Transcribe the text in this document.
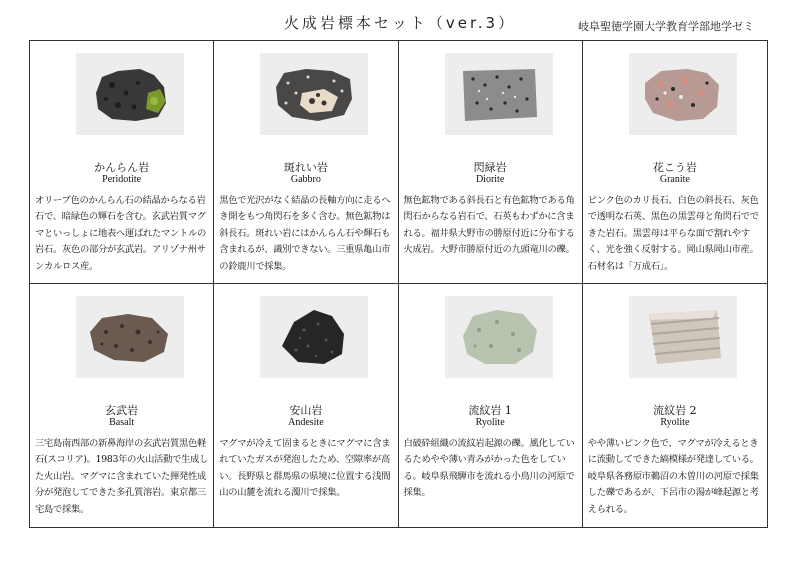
火成岩標本セット（ver.3）	岐阜聖徳学園大学教育学部地学ゼミ
かんらん岩
Peridotite
オリーブ色のかんらん石の結晶からなる岩石で、暗緑色の輝石を含む。玄武岩質マグマといっしょに地表へ運ばれたマントルの岩石。灰色の部分が玄武岩。アリゾナ州サンカルロス産。
斑れい岩
Gabbro
黒色で光沢がなく結晶の長軸方向に走るへき開をもつ角閃石を多く含む。無色鉱物は斜長石。斑れい岩にはかんらん石や輝石も含まれるが、識別できない。三重県亀山市の鈴鹿川で採集。
閃緑岩
Diorite
無色鉱物である斜長石と有色鉱物である角閃石からなる岩石で、石英もわずかに含まれる。福井県大野市の勝原付近に分布する火成岩。大野市勝原付近の九頭竜川の礫。
花こう岩
Granite
ピンク色のカリ長石、白色の斜長石、灰色で透明な石英、黒色の黒雲母と角閃石でできた岩石。黒雲母は平らな面で割れやすく、光を強く反射する。岡山県岡山市産。石材名は「万成石」。
玄武岩
Basalt
三宅島南西部の新鼻海岸の玄武岩質黒色軽石(スコリア)。1983年の火山活動で生成した火山岩。マグマに含まれていた揮発性成分が発泡してできた多孔質溶岩。東京都三宅島で採集。
安山岩
Andesite
マグマが冷えて固まるときにマグマに含まれていたガスが発泡したため、空隙率が高い。長野県と群馬県の県境に位置する浅間山の山麓を流れる濁川で採集。
流紋岩 1
Ryolite
白破砕組織の流紋岩起源の礫。風化しているためやや薄い青みがかった色をしている。岐阜県飛騨市を流れる小鳥川の河原で採集。
流紋岩 2
Ryolite
やや薄いピンク色で、マグマが冷えるときに流動してできた縞模様が発達している。岐阜県各務原市鵜沼の木曽川の河原で採集した礫であるが、下呂市の湯が峰起源と考えられる。
